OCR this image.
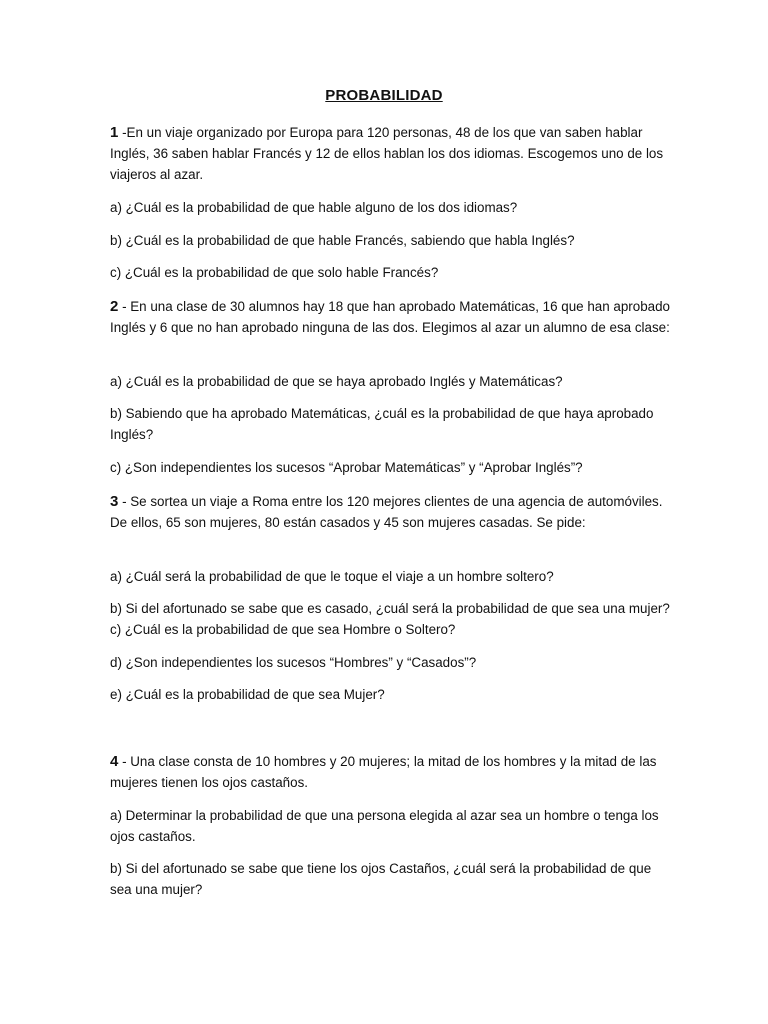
PROBABILIDAD

1 -En un viaje organizado por Europa para 120 personas, 48 de los que van saben hablar Inglés, 36 saben hablar Francés y 12 de ellos hablan los dos idiomas. Escogemos uno de los viajeros al azar.

a) ¿Cuál es la probabilidad de que hable alguno de los dos idiomas?

b) ¿Cuál es la probabilidad de que hable Francés, sabiendo que habla Inglés?

c) ¿Cuál es la probabilidad de que solo hable Francés?

2 - En una clase de 30 alumnos hay 18 que han aprobado Matemáticas, 16 que han aprobado Inglés y 6 que no han aprobado ninguna de las dos. Elegimos al azar un alumno de esa clase:

a) ¿Cuál es la probabilidad de que se haya aprobado Inglés y Matemáticas?

b) Sabiendo que ha aprobado Matemáticas, ¿cuál es la probabilidad de que haya aprobado Inglés?

c) ¿Son independientes los sucesos “Aprobar Matemáticas” y “Aprobar Inglés”?

3 - Se sortea un viaje a Roma entre los 120 mejores clientes de una agencia de automóviles. De ellos, 65 son mujeres, 80 están casados y 45 son mujeres casadas. Se pide:

a) ¿Cuál será la probabilidad de que le toque el viaje a un hombre soltero?

b) Si del afortunado se sabe que es casado, ¿cuál será la probabilidad de que sea una mujer? c) ¿Cuál es la probabilidad de que sea Hombre o Soltero?

d) ¿Son independientes los sucesos “Hombres” y “Casados”?

e) ¿Cuál es la probabilidad de que sea Mujer?

4 - Una clase consta de 10 hombres y 20 mujeres; la mitad de los hombres y la mitad de las mujeres tienen los ojos castaños.

a) Determinar la probabilidad de que una persona elegida al azar sea un hombre o tenga los ojos castaños.

b) Si del afortunado se sabe que tiene los ojos Castaños, ¿cuál será la probabilidad de que sea una mujer?
